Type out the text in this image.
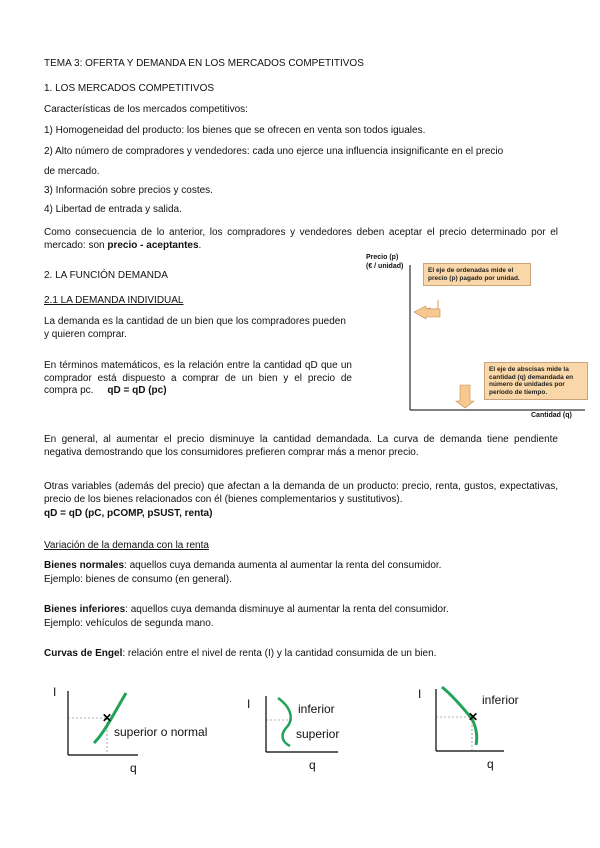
TEMA 3: OFERTA Y DEMANDA EN LOS MERCADOS COMPETITIVOS
1. LOS MERCADOS COMPETITIVOS
Características de los mercados competitivos:
1) Homogeneidad del producto: los bienes que se ofrecen en venta son todos iguales.
2) Alto número de compradores y vendedores: cada uno ejerce una influencia insignificante en el precio
de mercado.
3) Información sobre precios y costes.
4) Libertad de entrada y salida.
Como consecuencia de lo anterior, los compradores y vendedores deben aceptar el precio determinado por el mercado: son precio - aceptantes.
2. LA FUNCIÓN DEMANDA
2.1 LA DEMANDA INDIVIDUAL
La demanda es la cantidad de un bien que los compradores pueden y quieren comprar.
En términos matemáticos, es la relación entre la cantidad qD que un comprador está dispuesto a comprar de un bien y el precio de compra pc. qD = qD (pc)
Precio (p)
(€ / unidad)
El eje de ordenadas mide el precio (p) pagado por unidad.
El eje de abscisas mide la cantidad (q) demandada en número de unidades por período de tiempo.
Cantidad (q)
En general, al aumentar el precio disminuye la cantidad demandada. La curva de demanda tiene pendiente negativa demostrando que los consumidores prefieren comprar más a menor precio.
Otras variables (además del precio) que afectan a la demanda de un producto: precio, renta, gustos, expectativas, precio de los bienes relacionados con él (bienes complementarios y sustitutivos).
qD = qD (pC, pCOMP, pSUST, renta)
Variación de la demanda con la renta
Bienes normales: aquellos cuya demanda aumenta al aumentar la renta del consumidor.
Ejemplo: bienes de consumo (en general).
Bienes inferiores: aquellos cuya demanda disminuye al aumentar la renta del consumidor.
Ejemplo: vehículos de segunda mano.
Curvas de Engel: relación entre el nivel de renta (I) y la cantidad consumida de un bien.
I
✕
superior o normal
q
I	inferior
superior
q
I
✕
inferior
q
